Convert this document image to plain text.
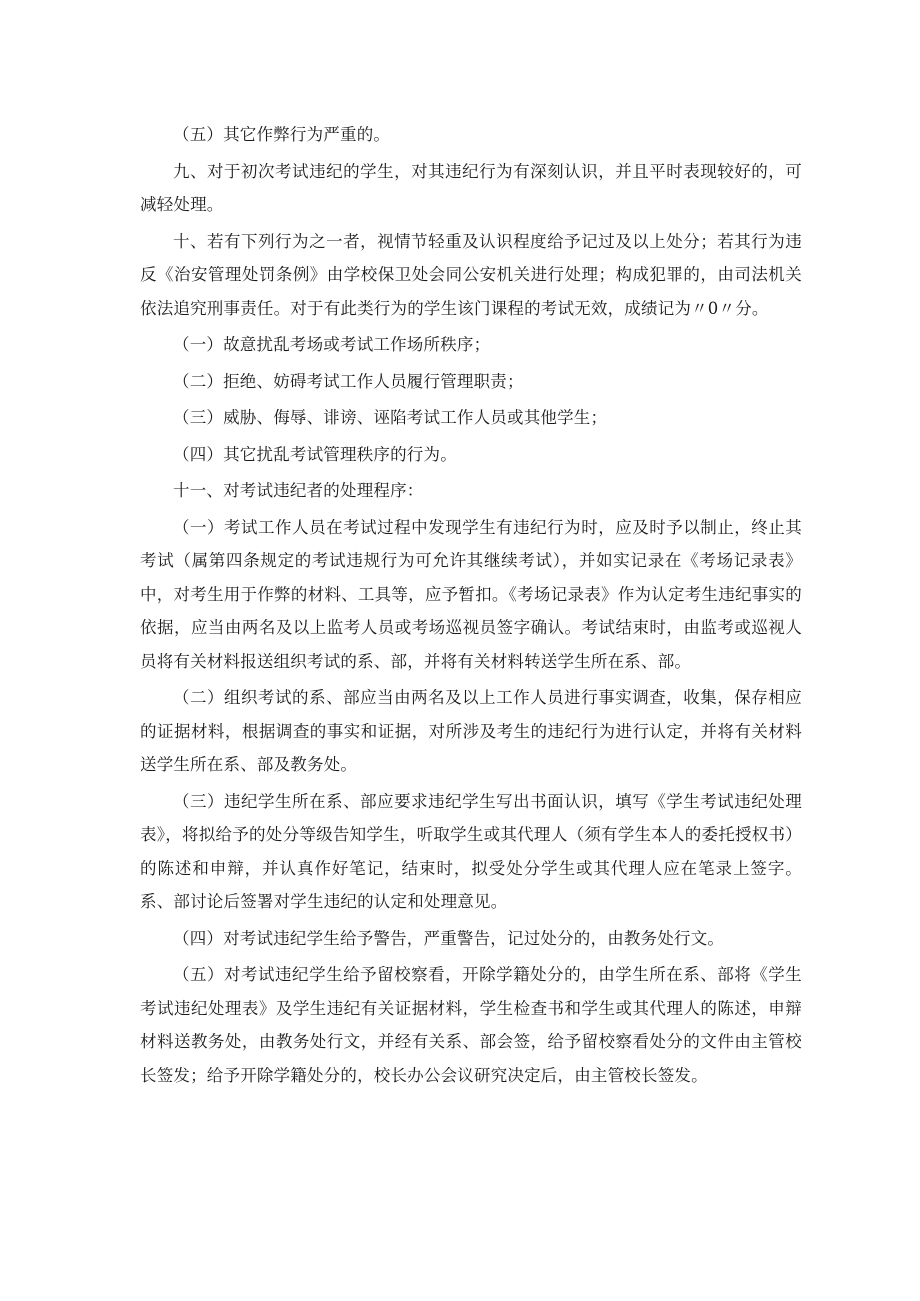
（五）其它作弊行为严重的。

九、对于初次考试违纪的学生，对其违纪行为有深刻认识，并且平时表现较好的，可减轻处理。

十、若有下列行为之一者，视情节轻重及认识程度给予记过及以上处分；若其行为违反《治安管理处罚条例》由学校保卫处会同公安机关进行处理；构成犯罪的，由司法机关依法追究刑事责任。对于有此类行为的学生该门课程的考试无效，成绩记为〃0〃分。

（一）故意扰乱考场或考试工作场所秩序；

（二）拒绝、妨碍考试工作人员履行管理职责；

（三）威胁、侮辱、诽谤、诬陷考试工作人员或其他学生；

（四）其它扰乱考试管理秩序的行为。

十一、对考试违纪者的处理程序：

（一）考试工作人员在考试过程中发现学生有违纪行为时，应及时予以制止，终止其考试（属第四条规定的考试违规行为可允许其继续考试），并如实记录在《考场记录表》中，对考生用于作弊的材料、工具等，应予暂扣。《考场记录表》作为认定考生违纪事实的依据，应当由两名及以上监考人员或考场巡视员签字确认。考试结束时，由监考或巡视人员将有关材料报送组织考试的系、部，并将有关材料转送学生所在系、部。

（二）组织考试的系、部应当由两名及以上工作人员进行事实调查，收集，保存相应的证据材料，根据调查的事实和证据，对所涉及考生的违纪行为进行认定，并将有关材料送学生所在系、部及教务处。

（三）违纪学生所在系、部应要求违纪学生写出书面认识，填写《学生考试违纪处理表》，将拟给予的处分等级告知学生，听取学生或其代理人（须有学生本人的委托授权书）的陈述和申辩，并认真作好笔记，结束时，拟受处分学生或其代理人应在笔录上签字。系、部讨论后签署对学生违纪的认定和处理意见。

（四）对考试违纪学生给予警告，严重警告，记过处分的，由教务处行文。

（五）对考试违纪学生给予留校察看，开除学籍处分的，由学生所在系、部将《学生考试违纪处理表》及学生违纪有关证据材料，学生检查书和学生或其代理人的陈述，申辩材料送教务处，由教务处行文，并经有关系、部会签，给予留校察看处分的文件由主管校长签发；给予开除学籍处分的，校长办公会议研究决定后，由主管校长签发。
